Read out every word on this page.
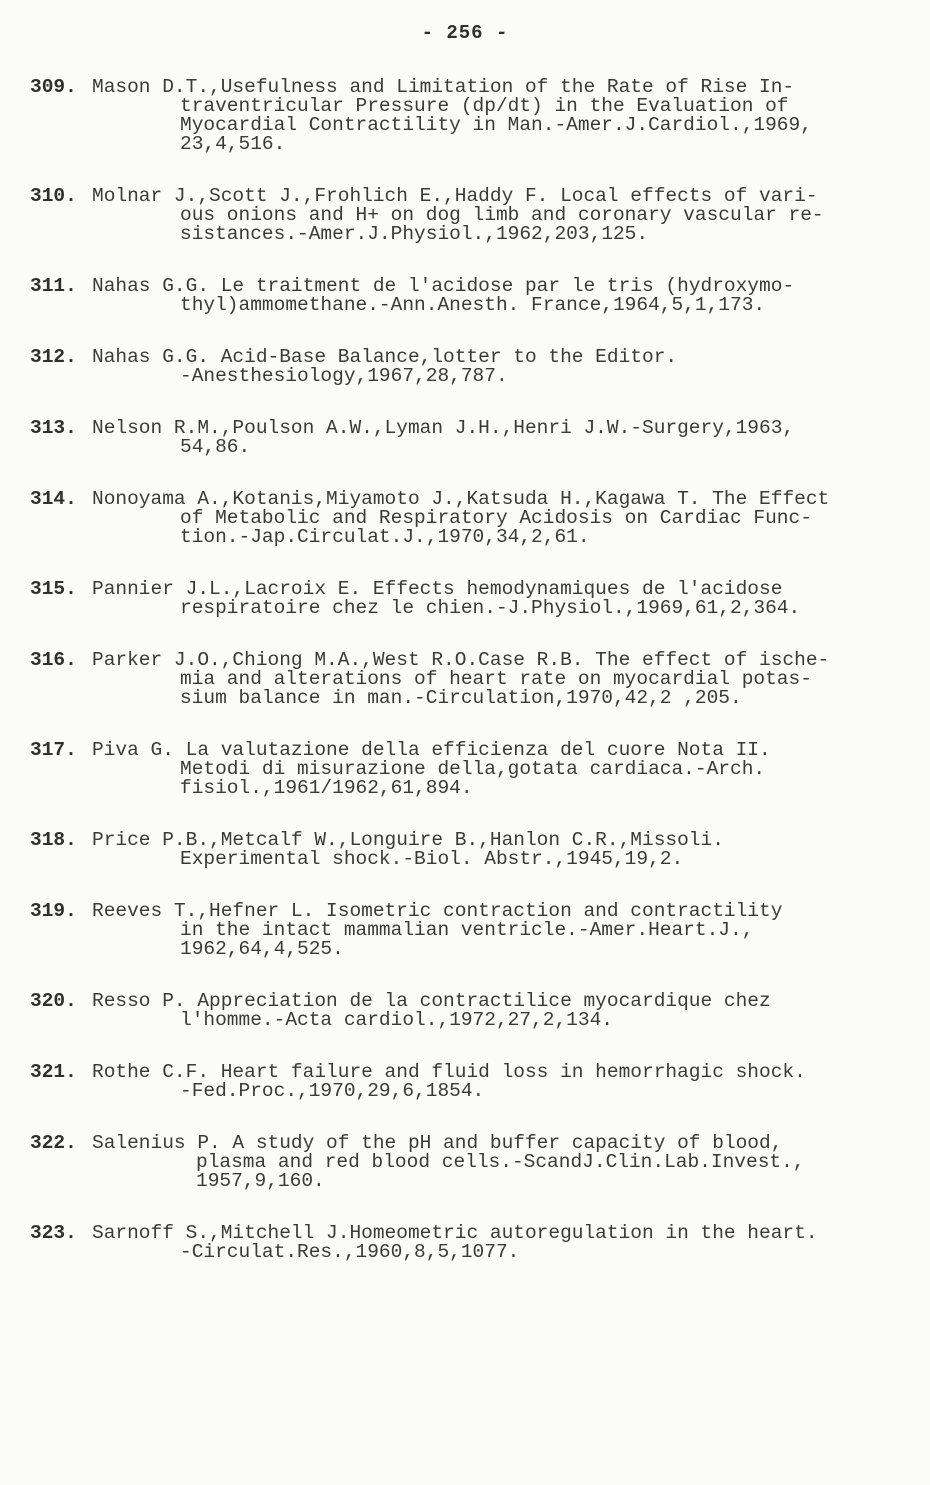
- 256 -
309. Mason D.T.,Usefulness and Limitation of the Rate of Rise In-
traventricular Pressure (dp/dt) in the Evaluation of
Myocardial Contractility in Man.-Amer.J.Cardiol.,1969,
23,4,516.
310. Molnar J.,Scott J.,Frohlich E.,Haddy F. Local effects of vari-
ous onions and H+ on dog limb and coronary vascular re-
sistances.-Amer.J.Physiol.,1962,203,125.
311. Nahas G.G. Le traitment de l'acidose par le tris (hydroxymo-
thyl)ammomethane.-Ann.Anesth. France,1964,5,1,173.
312. Nahas G.G. Acid-Base Balance,lotter to the Editor.
-Anesthesiology,1967,28,787.
313. Nelson R.M.,Poulson A.W.,Lyman J.H.,Henri J.W.-Surgery,1963,
54,86.
314. Nonoyama A.,Kotanis,Miyamoto J.,Katsuda H.,Kagawa T. The Effect
of Metabolic and Respiratory Acidosis on Cardiac Func-
tion.-Jap.Circulat.J.,1970,34,2,61.
315. Pannier J.L.,Lacroix E. Effects hemodynamiques de l'acidose
respiratoire chez le chien.-J.Physiol.,1969,61,2,364.
316. Parker J.O.,Chiong M.A.,West R.O.Case R.B. The effect of ische-
mia and alterations of heart rate on myocardial potas-
sium balance in man.-Circulation,1970,42,2 ,205.
317. Piva G. La valutazione della efficienza del cuore Nota II.
Metodi di misurazione della,gotata cardiaca.-Arch.
fisiol.,1961/1962,61,894.
318. Price P.B.,Metcalf W.,Longuire B.,Hanlon C.R.,Missoli.
Experimental shock.-Biol. Abstr.,1945,19,2.
319. Reeves T.,Hefner L. Isometric contraction and contractility
in the intact mammalian ventricle.-Amer.Heart.J.,
1962,64,4,525.
320. Resso P. Appreciation de la contractilice myocardique chez
l'homme.-Acta cardiol.,1972,27,2,134.
321. Rothe C.F. Heart failure and fluid loss in hemorrhagic shock.
-Fed.Proc.,1970,29,6,1854.
322. Salenius P. A study of the pH and buffer capacity of blood,
plasma and red blood cells.-ScandJ.Clin.Lab.Invest.,
1957,9,160.
323. Sarnoff S.,Mitchell J.Homeometric autoregulation in the heart.
-Circulat.Res.,1960,8,5,1077.
